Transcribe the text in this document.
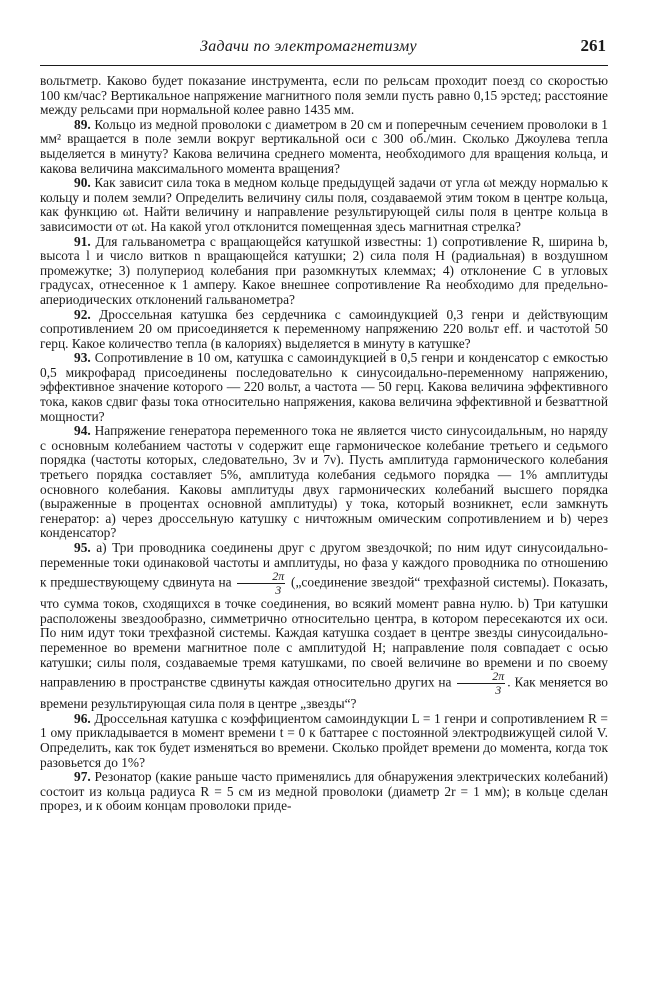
Задачи по электромагнетизму	261

вольтметр. Каково будет показание инструмента, если по рельсам проходит поезд со скоростью 100 км/час? Вертикальное напряжение магнитного поля земли пусть равно 0,15 эрстед; расстояние между рельсами при нормальной колее равно 1435 мм.

89. Кольцо из медной проволоки с диаметром в 20 см и поперечным сечением проволоки в 1 мм² вращается в поле земли вокруг вертикальной оси с 300 об./мин. Сколько Джоулева тепла выделяется в минуту? Какова величина среднего момента, необходимого для вращения кольца, и какова величина максимального момента вращения?

90. Как зависит сила тока в медном кольце предыдущей задачи от угла ωt между нормалью к кольцу и полем земли? Определить величину силы поля, создаваемой этим током в центре кольца, как функцию ωt. Найти величину и направление результирующей силы поля в центре кольца в зависимости от ωt. На какой угол отклонится помещенная здесь магнитная стрелка?

91. Для гальванометра с вращающейся катушкой известны: 1) сопротивление R, ширина b, высота l и число витков n вращающейся катушки; 2) сила поля H (радиальная) в воздушном промежутке; 3) полупериод колебания при разомкнутых клеммах; 4) отклонение C в угловых градусах, отнесенное к 1 амперу. Какое внешнее сопротивление Ra необходимо для предельно-апериодических отклонений гальванометра?

92. Дроссельная катушка без сердечника с самоиндукцией 0,3 генри и действующим сопротивлением 20 ом присоединяется к переменному напряжению 220 вольт eff. и частотой 50 герц. Какое количество тепла (в калориях) выделяется в минуту в катушке?

93. Сопротивление в 10 ом, катушка с самоиндукцией в 0,5 генри и конденсатор с емкостью 0,5 микрофарад присоединены последовательно к синусоидально-переменному напряжению, эффективное значение которого — 220 вольт, а частота — 50 герц. Какова величина эффективного тока, каков сдвиг фазы тока относительно напряжения, какова величина эффективной и безваттной мощности?

94. Напряжение генератора переменного тока не является чисто синусоидальным, но наряду с основным колебанием частоты ν содержит еще гармоническое колебание третьего и седьмого порядка (частоты которых, следовательно, 3ν и 7ν). Пусть амплитуда гармонического колебания третьего порядка составляет 5%, амплитуда колебания седьмого порядка — 1% амплитуды основного колебания. Каковы амплитуды двух гармонических колебаний высшего порядка (выраженные в процентах основной амплитуды) у тока, который возникнет, если замкнуть генератор: а) через дроссельную катушку с ничтожным омическим сопротивлением и b) через конденсатор?

95. а) Три проводника соединены друг с другом звездочкой; по ним идут синусоидально-переменные токи одинаковой частоты и амплитуды, но фаза у каждого проводника по отношению к предшествующему сдвинута на $\frac{2\pi}{3}$ („соединение звездой“ трехфазной системы). Показать, что сумма токов, сходящихся в точке соединения, во всякий момент равна нулю. b) Три катушки расположены звездообразно, симметрично относительно центра, в котором пересекаются их оси. По ним идут токи трехфазной системы. Каждая катушка создает в центре звезды синусоидально-переменное во времени магнитное поле с амплитудой H; направление поля совпадает с осью катушки; силы поля, создаваемые тремя катушками, по своей величине во времени и по своему направлению в пространстве сдвинуты каждая относительно других на $\frac{2\pi}{3}$ . Как меняется во времени результирующая сила поля в центре „звезды“?

96. Дроссельная катушка с коэффициентом самоиндукции L = 1 генри и сопротивлением R = 1 ому прикладывается в момент времени t = 0 к баттарее с постоянной электродвижущей силой V. Определить, как ток будет изменяться во времени. Сколько пройдет времени до момента, когда ток разовьется до 1%?

97. Резонатор (какие раньше часто применялись для обнаружения электрических колебаний) состоит из кольца радиуса R = 5 см из медной проволоки (диаметр 2r = 1 мм); в кольце сделан прорез, и к обоим концам проволоки приде-
